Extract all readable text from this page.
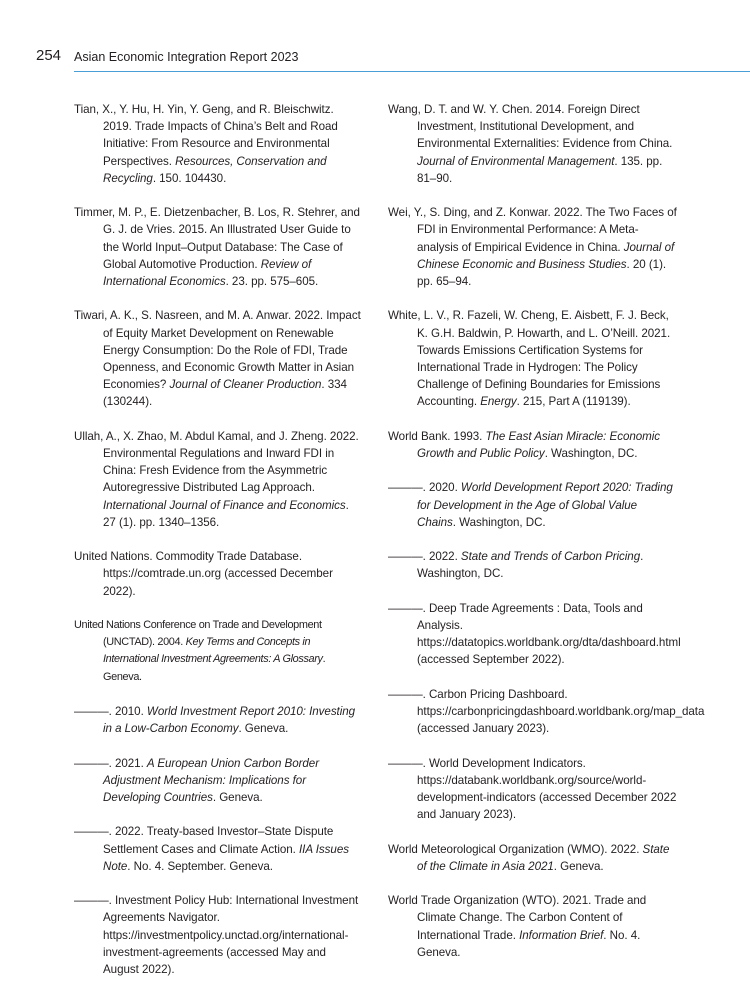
254 Asian Economic Integration Report 2023

Tian, X., Y. Hu, H. Yin, Y. Geng, and R. Bleischwitz. 2019. Trade Impacts of China’s Belt and Road Initiative: From Resource and Environmental Perspectives. Resources, Conservation and Recycling. 150. 104430.

Timmer, M. P., E. Dietzenbacher, B. Los, R. Stehrer, and G. J. de Vries. 2015. An Illustrated User Guide to the World Input–Output Database: The Case of Global Automotive Production. Review of International Economics. 23. pp. 575–605.

Tiwari, A. K., S. Nasreen, and M. A. Anwar. 2022. Impact of Equity Market Development on Renewable Energy Consumption: Do the Role of FDI, Trade Openness, and Economic Growth Matter in Asian Economies? Journal of Cleaner Production. 334 (130244).

Ullah, A., X. Zhao, M. Abdul Kamal, and J. Zheng. 2022. Environmental Regulations and Inward FDI in China: Fresh Evidence from the Asymmetric Autoregressive Distributed Lag Approach. International Journal of Finance and Economics. 27 (1). pp. 1340–1356.

United Nations. Commodity Trade Database. https://comtrade.un.org (accessed December 2022).

United Nations Conference on Trade and Development (UNCTAD). 2004. Key Terms and Concepts in International Investment Agreements: A Glossary. Geneva.

———. 2010. World Investment Report 2010: Investing in a Low-Carbon Economy. Geneva.

———. 2021. A European Union Carbon Border Adjustment Mechanism: Implications for Developing Countries. Geneva.

———. 2022. Treaty-based Investor–State Dispute Settlement Cases and Climate Action. IIA Issues Note. No. 4. September. Geneva.

———. Investment Policy Hub: International Investment Agreements Navigator. https://investmentpolicy.unctad.org/international-investment-agreements (accessed May and August 2022).

Wang, D. T. and W. Y. Chen. 2014. Foreign Direct Investment, Institutional Development, and Environmental Externalities: Evidence from China. Journal of Environmental Management. 135. pp. 81–90.

Wei, Y., S. Ding, and Z. Konwar. 2022. The Two Faces of FDI in Environmental Performance: A Meta-analysis of Empirical Evidence in China. Journal of Chinese Economic and Business Studies. 20 (1). pp. 65–94.

White, L. V., R. Fazeli, W. Cheng, E. Aisbett, F. J. Beck, K. G.H. Baldwin, P. Howarth, and L. O’Neill. 2021. Towards Emissions Certification Systems for International Trade in Hydrogen: The Policy Challenge of Defining Boundaries for Emissions Accounting. Energy. 215, Part A (119139).

World Bank. 1993. The East Asian Miracle: Economic Growth and Public Policy. Washington, DC.

———. 2020. World Development Report 2020: Trading for Development in the Age of Global Value Chains. Washington, DC.

———. 2022. State and Trends of Carbon Pricing. Washington, DC.

———. Deep Trade Agreements : Data, Tools and Analysis. https://datatopics.worldbank.org/dta/dashboard.html (accessed September 2022).

———. Carbon Pricing Dashboard. https://carbonpricingdashboard.worldbank.org/map_data (accessed January 2023).

———. World Development Indicators. https://databank.worldbank.org/source/world-development-indicators (accessed December 2022 and January 2023).

World Meteorological Organization (WMO). 2022. State of the Climate in Asia 2021. Geneva.

World Trade Organization (WTO). 2021. Trade and Climate Change. The Carbon Content of International Trade. Information Brief. No. 4. Geneva.
